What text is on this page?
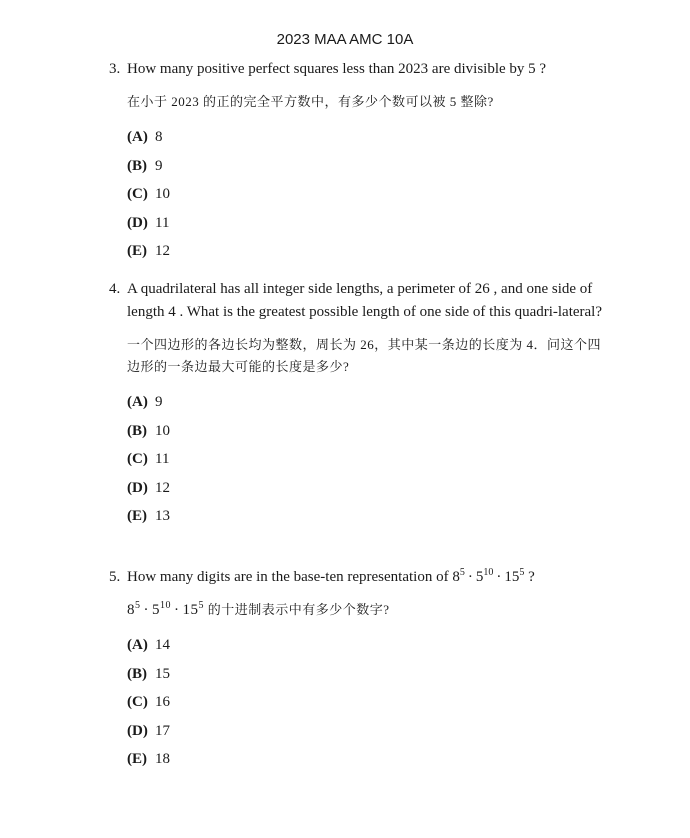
2023 MAA AMC 10A
3. How many positive perfect squares less than 2023 are divisible by 5 ?
在小于 2023 的正的完全平方数中，有多少个数可以被 5 整除?
(A) 8
(B) 9
(C) 10
(D) 11
(E) 12
4. A quadrilateral has all integer side lengths, a perimeter of 26 , and one side of length 4 . What is the greatest possible length of one side of this quadri-lateral?
一个四边形的各边长均为整数，周长为 26，其中某一条边的长度为 4．问这个四边形的一条边最大可能的长度是多少?
(A) 9
(B) 10
(C) 11
(D) 12
(E) 13
5. How many digits are in the base-ten representation of $8^5 \cdot 5^{10} \cdot 15^5$ ?
$8^5 \cdot 5^{10} \cdot 15^5$ 的十进制表示中有多少个数字?
(A) 14
(B) 15
(C) 16
(D) 17
(E) 18
